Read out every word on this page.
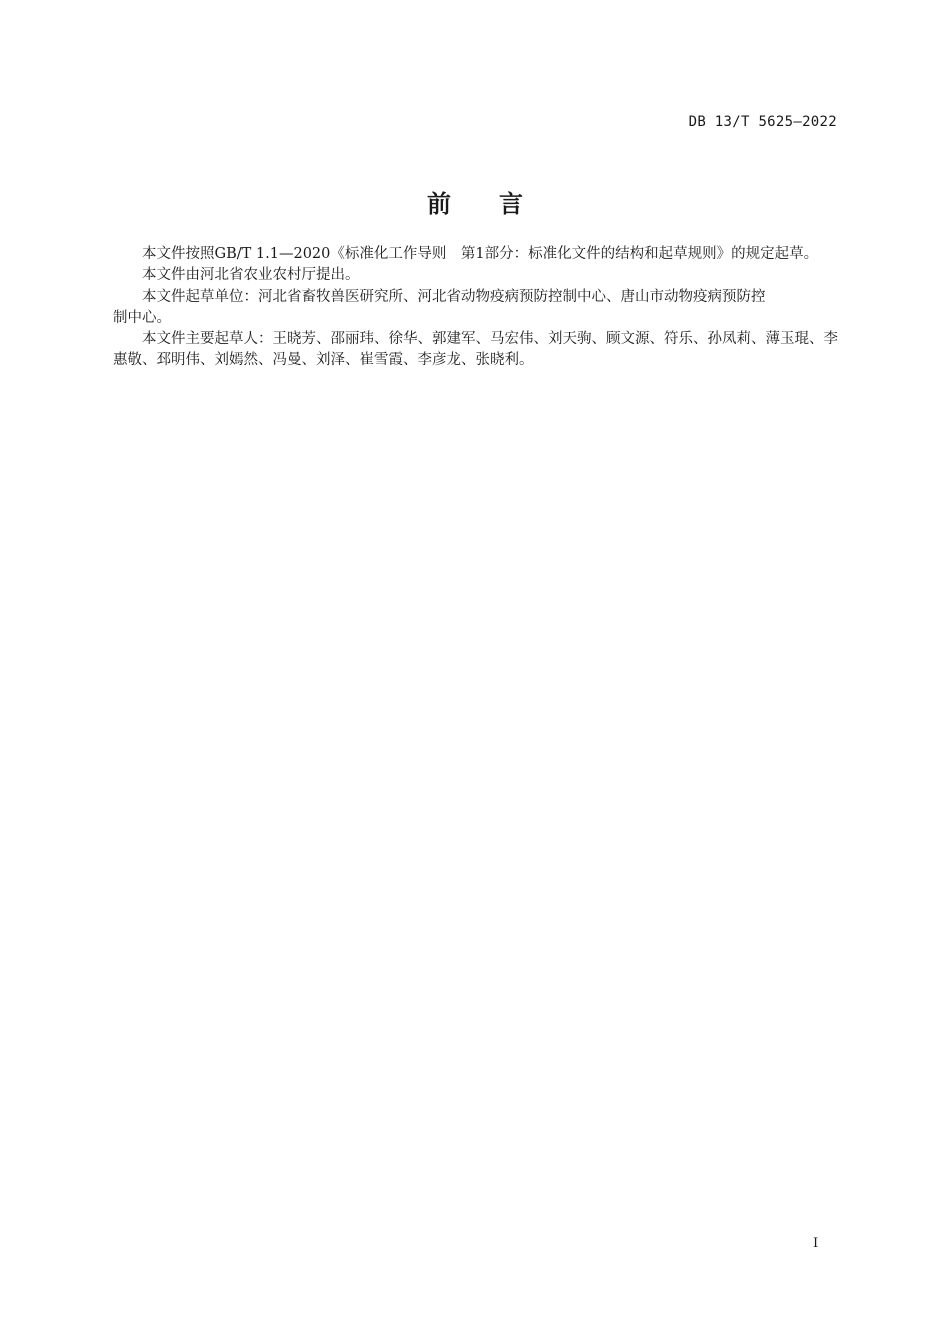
DB 13/T 5625—2022
前 言

本文件按照GB/T 1.1—2020《标准化工作导则　第1部分：标准化文件的结构和起草规则》的规定起草。

本文件由河北省农业农村厅提出。

本文件起草单位：河北省畜牧兽医研究所、河北省动物疫病预防控制中心、唐山市动物疫病预防控

制中心。

本文件主要起草人：王晓芳、邵丽玮、徐华、郭建军、马宏伟、刘天驹、顾文源、符乐、孙凤莉、薄玉琨、李惠敬、邳明伟、刘嫣然、冯曼、刘泽、崔雪霞、李彦龙、张晓利。

I
